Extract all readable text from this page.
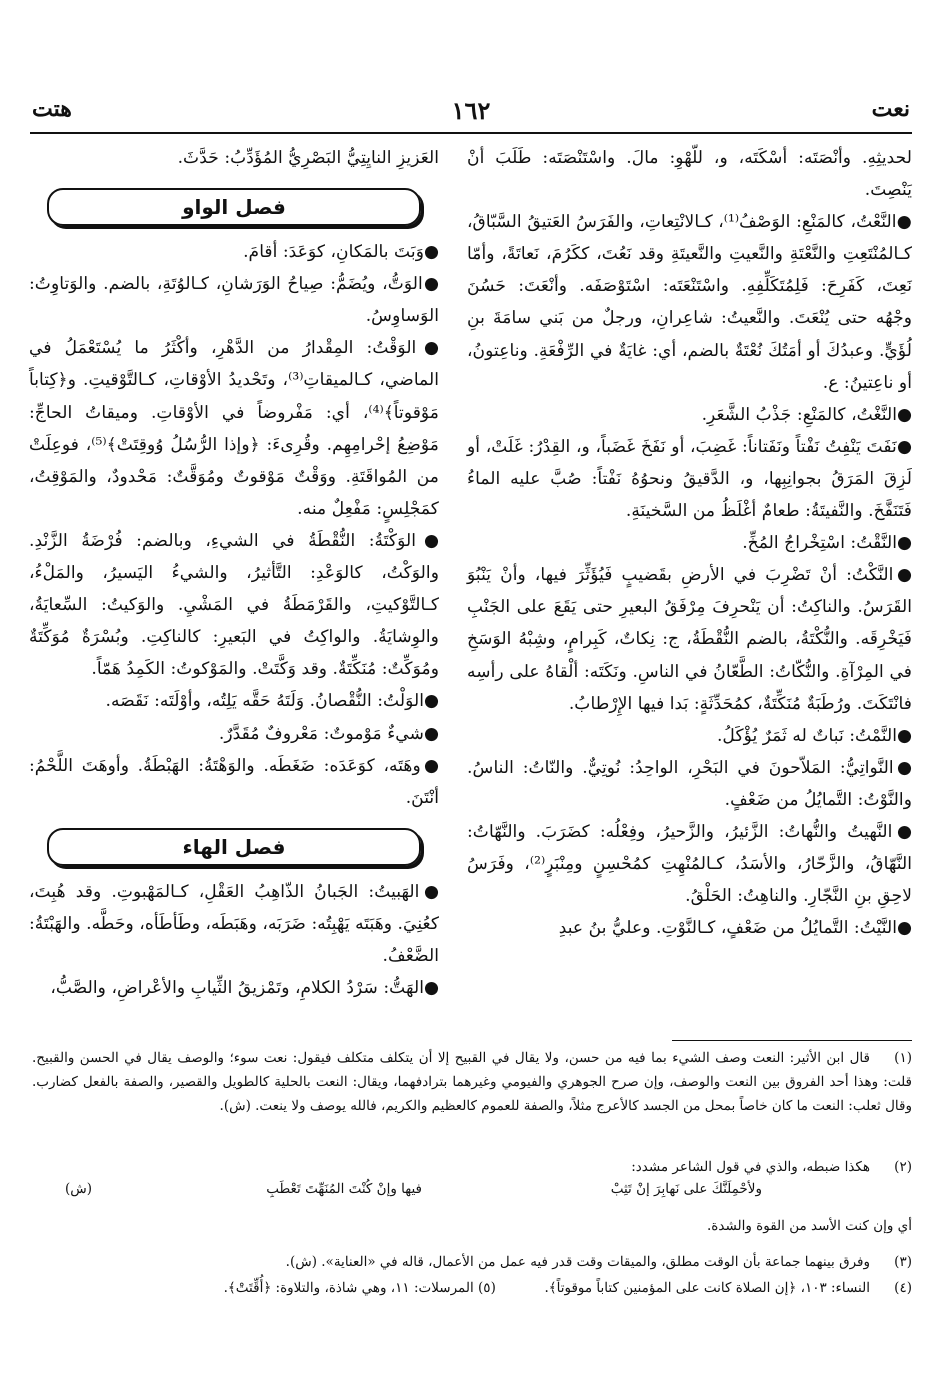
نعت
١٦٢
هتت
لحديثِهِ. وأنْصَتَه: أسْكَتَه، و، للّهْوِ: مالَ. واسْتَنْصَتَه: طَلَبَ أنْ يَنْصِتَ.
●النَّعْتُ، كالمَنْعِ: الوَصْفُ⁽¹⁾، كـالانْتِعاتِ، والفَرَسُ العَتيقُ السَّبّاقُ، كـالمُنْتَعِتِ والنَّعْتَةِ والنَّعيتِ والنَّعيتَةِ وقد نَعُتَ، ككَرُمَ، نَعاتَةً، وأمّا نَعِتَ، كَفَرِحَ: فَلِمُتَكَلِّفِهِ. واسْتَنْعَتَه: اسْتَوْصَفَه. وأنْعَتَ: حَسُنَ وجْهُه حتى يُنْعَتَ. والنَّعيتُ: شاعِرانِ، ورجلٌ من بَني سامَةَ بنِ لُؤَيٍّ. وعبدُكَ أو أمَتُكَ نُعْتَةٌ بالضم، أي: غايَةٌ في الرِّفْعَةِ. وناعِتونُ، أو ناعِتينُ: ع.
●النَّغْتُ، كالمَنْعِ: جَذْبُ الشَّعَرِ.
●نَفَتَ يَنْفِتُ نَفْتاً ونَفَتاناً: غَضِبَ، أو نَفَخَ غَضَباً، و، القِدْرُ: غَلَتْ، أو لَزِقَ المَرَقُ بجوانِبِها، و، الدَّقيقُ ونحوُهُ نَفْتاً: صُبَّ عليه الماءُ فَتَنَفَّخَ. والنَّفيتَةُ: طعامٌ أغْلَظُ من السَّخينَةِ.
●النَّقْتُ: اسْتِخْراجُ المُخِّ.
●النَّكْتُ: أنْ تَضْرِبَ في الأرضِ بقَضيبٍ فَيُؤَثِّرَ فيها، وأنْ يَنْبُوَ القَرَسُ. والناكِتُ: أن يَنْحرِفَ مِرْفَقُ البعيرِ حتى يَقَعَ على الجَنْبِ فَيَخْرِقَه. والنُّكْتَةُ، بالضم النُّقْطَةُ، ج: نِكاتٌ، كَبِرامٍ، وشِبْهُ الوَسَخِ في المِرْآةِ. والنُّكّاتُ: الطَّعّانُ في الناسِ. ونَكَتَه: ألْقاهُ على رأسِه فانْتَكَتَ. ورُطَبَةٌ مُنَكِّتَةٌ، كمُحَدِّثَةٍ: بَدا فيها الإِرْطابُ.
●النَّمْتُ: نَباتٌ له ثَمَرٌ يُؤْكَلُ.
●النَّواتِيُّ: المَلاّحونَ في البَحْرِ، الواحِدُ: نُوتِيٌّ. والنّاتُ: الناسُ. والنَّوْتُ: التَّمايُلُ من ضَعْفٍ.
●النَّهيتُ والنُّهاتُ: الزَّئيرُ، والزَّحيرُ، وفِعْلُه: كضَرَبَ. والنَّهّاتُ: النَّهّاقُ، والزَّحّارُ، والأسَدُ، كـالمُنْهِتِ كمُحْسِنٍ ومِنْبَرٍ⁽²⁾، وفَرَسُ لاحِقِ بنِ النَّجّارِ. والناهِتُ: الحَلْقُ.
●النَّيْتُ: التَّمايُلُ من ضَعْفٍ، كـالنَّوْتِ. وعليُّ بنُ عبدِ
العَزيزِ النايِتِيُّ البَصْرِيُّ المُؤَدِّبُ: حَدَّثَ.
فصل الواو
●وَبَتَ بالمَكانِ، كوَعَدَ: أقامَ.
●الوَتُّ، ويُضَمُّ: صِياحُ الوَرَشانِ، كـالوُتَةِ، بالضم. والوَتاوِتُ: الوَساوِسُ.
●الوَقْتُ: المِقْدارُ من الدَّهْرِ، وأكْثَرُ ما يُسْتَعْمَلُ في الماضي، كـالميقاتِ⁽³⁾، وتَحْديدُ الأوْقاتِ، كـالتَّوْقيتِ. و﴿كِتاباً مَوْقوتاً﴾⁽⁴⁾، أي: مَفْروضاً في الأوْقاتِ. وميقاتُ الحاجِّ: مَوْضِعُ إحْرامِهِم. وقُرِىءَ: ﴿وإذا الرُّسُلُ وُوقِتَتْ﴾⁽⁵⁾، فوعِلَتْ من المُواقَتَةِ. ووَقْتٌ مَوْقوتٌ ومُوَقَّتٌ: مَحْدودٌ، والمَوْقِتُ، كمَجْلِسٍ: مَفْعِلٌ منه.
●الوَكْتَةُ: النُّقْطَةُ في الشيءِ، وبالضم: فُرْضَةُ الزَّنْدِ. والوَكْتُ، كالوَعْدِ: التَّأثيرُ، والشيءُ اليَسيرُ، والمَلْءُ، كـالتَّوْكيتِ، والقَرْمَطَةُ في المَشْيِ. والوَكيتُ: السِّعايَةُ، والوِشايَةُ. والواكِتُ في البَعيرِ: كالناكِتِ. وبُسْرَةٌ مُوَكِّتَةٌ ومُوَكِّتٌ: مُنَكِّتَةٌ. وقد وَكَّتَتْ. والمَوْكوتُ: الكَمِدُ هَمّاً.
●الوَلْتُ: النُّقْصانُ. وَلَتَهُ حَقَّه يَلِتُه، وأوْلَتَه: نَقَصَه.
●شيءٌ مَوْموتٌ: مَعْروفٌ مُقَدَّرٌ.
●وهَتَه، كوَعَدَه: ضَغَطَه. والوَهْتَةُ: الهَبْطَةُ. وأوهَتَ اللَّحْمُ: أنْتَنَ.
فصل الهاء
●الهَبيتُ: الجَبانُ الذّاهِبُ العَقْلِ، كـالمَهْبوتِ. وقد هُبِتَ، كعُنِيَ. وهَبَتَه يَهْبِتُه: ضَرَبَه، وهَبَطَه، وطَأطَأه، وحَطَّه. والهَبْتَةُ: الضَّعْفُ.
●الهَتُّ: سَرْدُ الكلامِ، وتَمْزيقُ الثِّيابِ والأعْراضِ، والصَّبُّ،
(١)قال ابن الأثير: النعت وصف الشيء بما فيه من حسن، ولا يقال في القبيح إلا أن يتكلف متكلف فيقول: نعت سوء؛ والوصف يقال في الحسن والقبيح. قلت: وهذا أحد الفروق بين النعت والوصف، وإن صرح الجوهري والفيومي وغيرهما بترادفهما، ويقال: النعت بالحلية كالطويل والقصير، والصفة بالفعل كضارب. وقال ثعلب: النعت ما كان خاصاً بمحل من الجسد كالأعرج مثلاً، والصفة للعموم كالعظيم والكريم، فالله يوصف ولا ينعت. (ش).
(٢)هكذا ضبطه، والذي في قول الشاعر مشدد:
ولأحْمِلَنَّكَ على نَهابِرَ إنْ تَثِبْ
فيها وإنْ كُنْتَ المُنَهِّتَ تَعْطَبِ
(ش)
أي وإن كنت الأسد من القوة والشدة.
(٣)وفرق بينهما جماعة بأن الوقت مطلق، والميقات وقت قدر فيه عمل من الأعمال، قاله في «العناية». (ش).
(٤)النساء: ١٠٣، ﴿إن الصلاة كانت على المؤمنين كتاباً موقوتاً﴾.  (٥) المرسلات: ١١، وهي شاذة، والتلاوة: ﴿أُقِّتَتْ﴾.
